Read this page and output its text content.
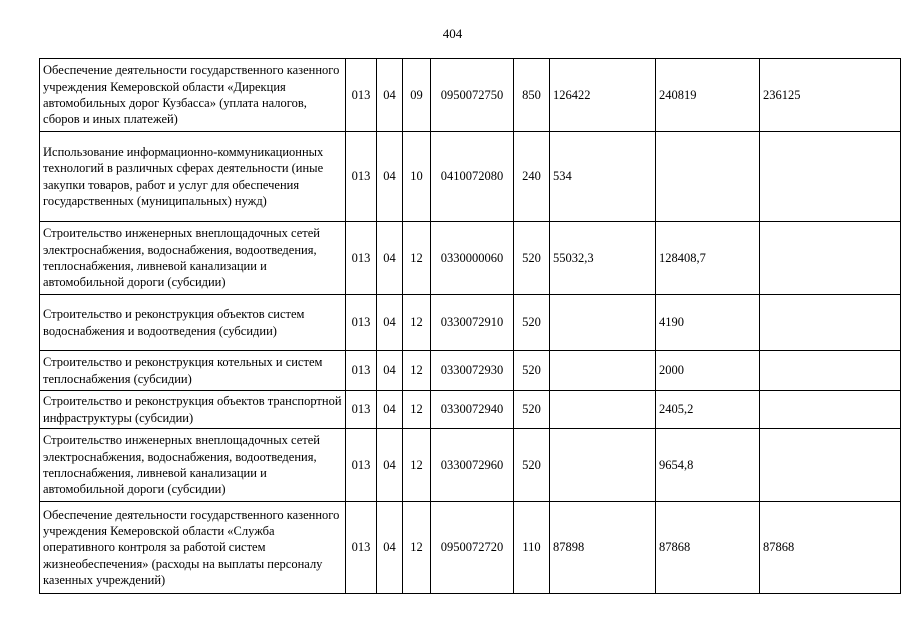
404
Обеспечение деятельности государственного казенного учреждения Кемеровской области «Дирекция автомобильных дорог Кузбасса» (уплата налогов, сборов и иных платежей)	013	04	09	0950072750	850	126422	240819	236125
Использование информационно-коммуникационных технологий в различных сферах деятельности (иные закупки товаров, работ и услуг для обеспечения государственных (муниципальных) нужд)	013	04	10	0410072080	240	534		
Строительство инженерных внеплощадочных сетей электроснабжения, водоснабжения, водоотведения, теплоснабжения, ливневой канализации и автомобильной дороги (субсидии)	013	04	12	0330000060	520	55032,3	128408,7	
Строительство и реконструкция объектов систем водоснабжения и водоотведения (субсидии)	013	04	12	0330072910	520		4190	
Строительство и реконструкция котельных и систем теплоснабжения (субсидии)	013	04	12	0330072930	520		2000	
Строительство и реконструкция объектов транспортной инфраструктуры (субсидии)	013	04	12	0330072940	520		2405,2	
Строительство инженерных внеплощадочных сетей электроснабжения, водоснабжения, водоотведения, теплоснабжения, ливневой канализации и автомобильной дороги (субсидии)	013	04	12	0330072960	520		9654,8	
Обеспечение деятельности государственного казенного учреждения Кемеровской области «Служба оперативного контроля за работой систем жизнеобеспечения» (расходы на выплаты персоналу казенных учреждений)	013	04	12	0950072720	110	87898	87868	87868
